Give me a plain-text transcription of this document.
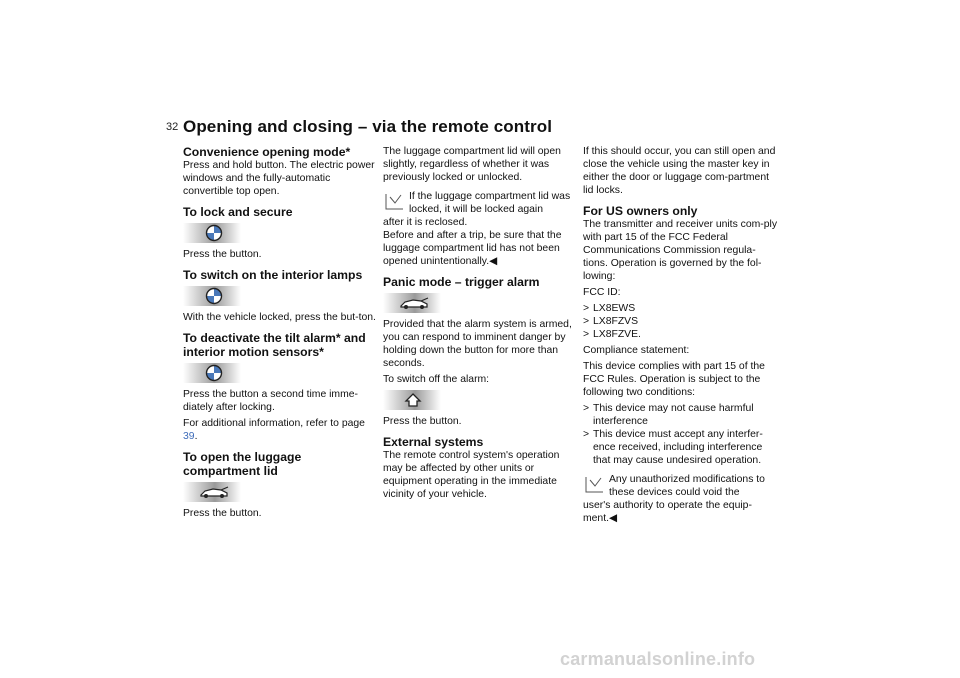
32 Opening and closing – via the remote control
Convenience opening mode*

Press and hold button. The electric power windows and the fully-automatic convertible top open.

To lock and secure

Press the button.

To switch on the interior lamps

With the vehicle locked, press the but-ton.

To deactivate the tilt alarm* and interior motion sensors*

Press the button a second time imme-diately after locking.

For additional information, refer to page 39.

To open the luggage compartment lid

Press the button.

The luggage compartment lid will open slightly, regardless of whether it was previously locked or unlocked.

If the luggage compartment lid was locked, it will be locked again

after it is reclosed.

Before and after a trip, be sure that the luggage compartment lid has not been opened unintentionally.◀

Panic mode – trigger alarm

Provided that the alarm system is armed, you can respond to imminent danger by holding down the button for more than seconds.

To switch off the alarm:

Press the button.

External systems

The remote control system's operation may be affected by other units or equipment operating in the immediate vicinity of your vehicle.

If this should occur, you can still open and close the vehicle using the master key in either the door or luggage com-partment lid locks.

For US owners only

The transmitter and receiver units com-ply with part 15 of the FCC Federal Communications Commission regula-tions. Operation is governed by the fol-lowing:

FCC ID:

> LX8EWS
> LX8FZVS
> LX8FZVE.

Compliance statement:

This device complies with part 15 of the FCC Rules. Operation is subject to the following two conditions:

> This device may not cause harmful interference
> This device must accept any interfer-ence received, including interference that may cause undesired operation.

Any unauthorized modifications to these devices could void the

user's authority to operate the equip-ment.◀

carmanualsonline.info
